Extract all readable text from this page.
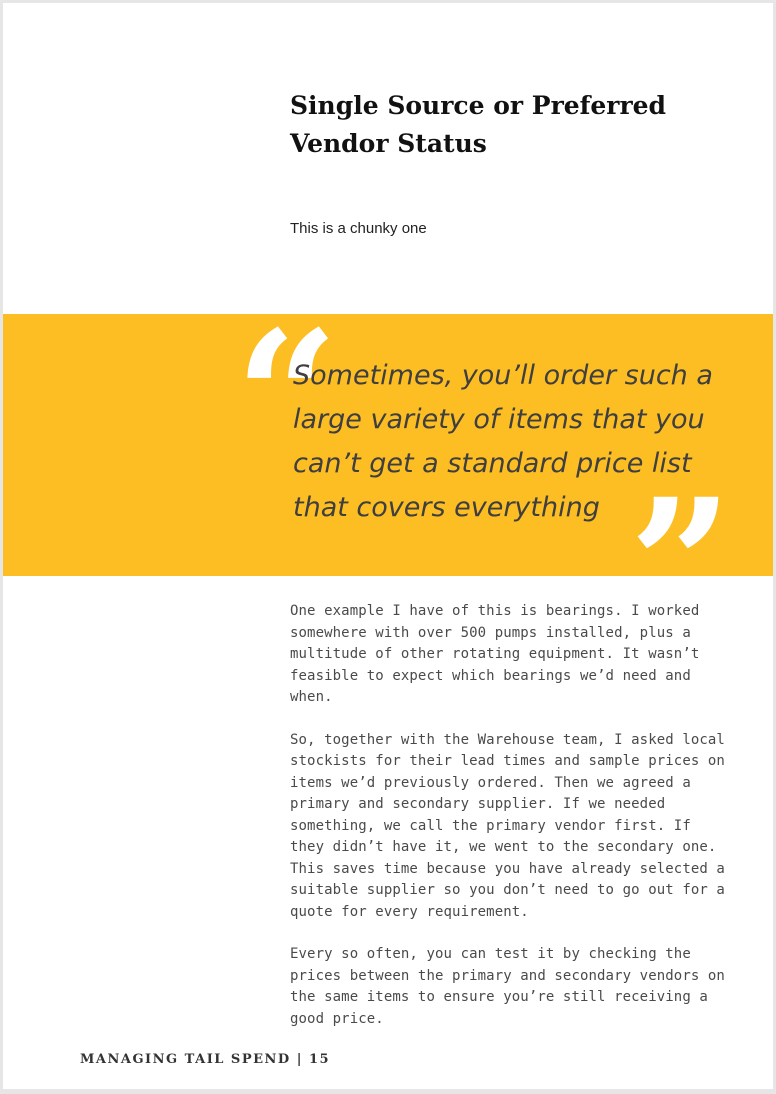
Single Source or Preferred Vendor Status

This is a chunky one

“

Sometimes, you’ll order such a large variety of items that you can’t get a standard price list that covers everything ”

One example I have of this is bearings. I worked somewhere with over 500 pumps installed, plus a multitude of other rotating equipment. It wasn’t feasible to expect which bearings we’d need and when.

So, together with the Warehouse team, I asked local stockists for their lead times and sample prices on items we’d previously ordered. Then we agreed a primary and secondary supplier. If we needed something, we call the primary vendor first. If they didn’t have it, we went to the secondary one.
This saves time because you have already selected a suitable supplier so you don’t need to go out for a quote for every requirement.

Every so often, you can test it by checking the prices between the primary and secondary vendors on the same items to ensure you’re still receiving a good price.

MANAGING TAIL SPEND | 15
